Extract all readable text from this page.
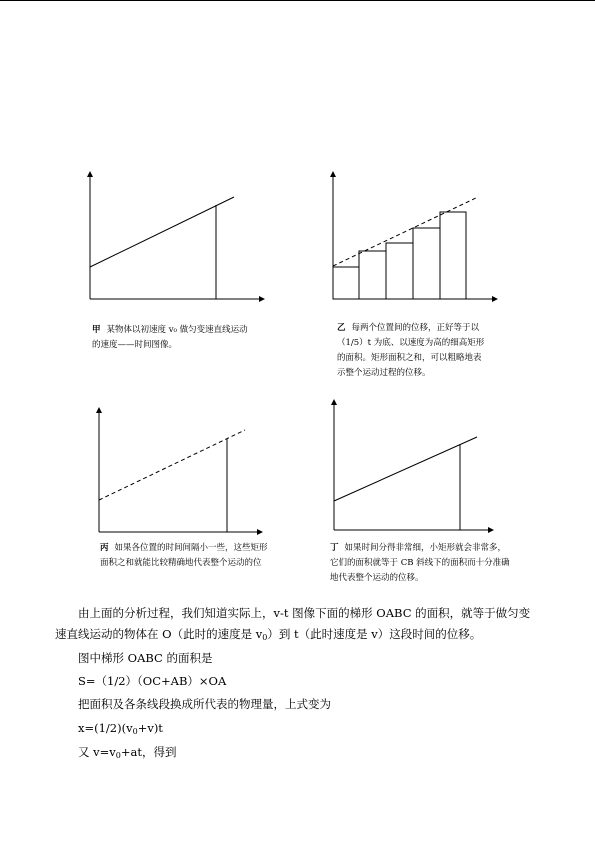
甲 某物体以初速度 v₀ 做匀变速直线运动
的速度——时间图像。
乙 每两个位置间的位移，正好等于以
（1/5）t 为底、以速度为高的细高矩形
的面积。矩形面积之和，可以粗略地表
示整个运动过程的位移。
丙 如果各位置的时间间隔小一些，这些矩形
面积之和就能比较精确地代表整个运动的位
丁 如果时间分得非常细，小矩形就会非常多，
它们的面积就等于 CB 斜线下的面积而十分准确
地代表整个运动的位移。

由上面的分析过程，我们知道实际上，v-t 图像下面的梯形 OABC 的面积，就等于做匀变

速直线运动的物体在 O（此时的速度是 $v_0$）到 t（此时速度是 v）这段时间的位移。

图中梯形 OABC 的面积是

S=（1/2）（OC+AB）×OA

把面积及各条线段换成所代表的物理量，上式变为

$x=(1/2)(v_0+v)t$

又 $v=v_0+at$，得到
